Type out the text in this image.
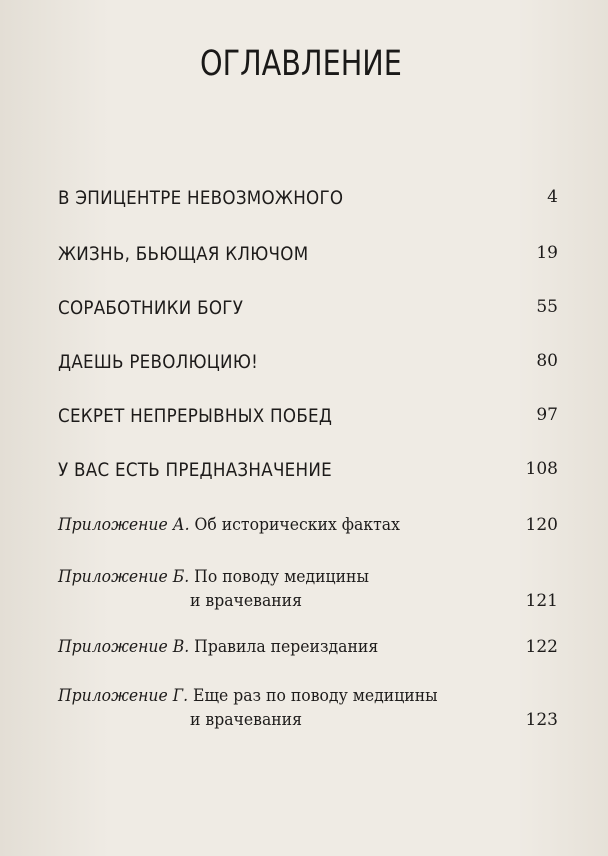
ОГЛАВЛЕНИЕ
В ЭПИЦЕНТРЕ НЕВОЗМОЖНОГО	4
ЖИЗНЬ, БЬЮЩАЯ КЛЮЧОМ	19
СОРАБОТНИКИ БОГУ	55
ДАЕШЬ РЕВОЛЮЦИЮ!	80
СЕКРЕТ НЕПРЕРЫВНЫХ ПОБЕД	97
У ВАС ЕСТЬ ПРЕДНАЗНАЧЕНИЕ	108
Приложение А. Об исторических фактах	120
Приложение Б. По поводу медицины
и врачевания	121
Приложение В. Правила переиздания	122
Приложение Г. Еще раз по поводу медицины
и врачевания	123
